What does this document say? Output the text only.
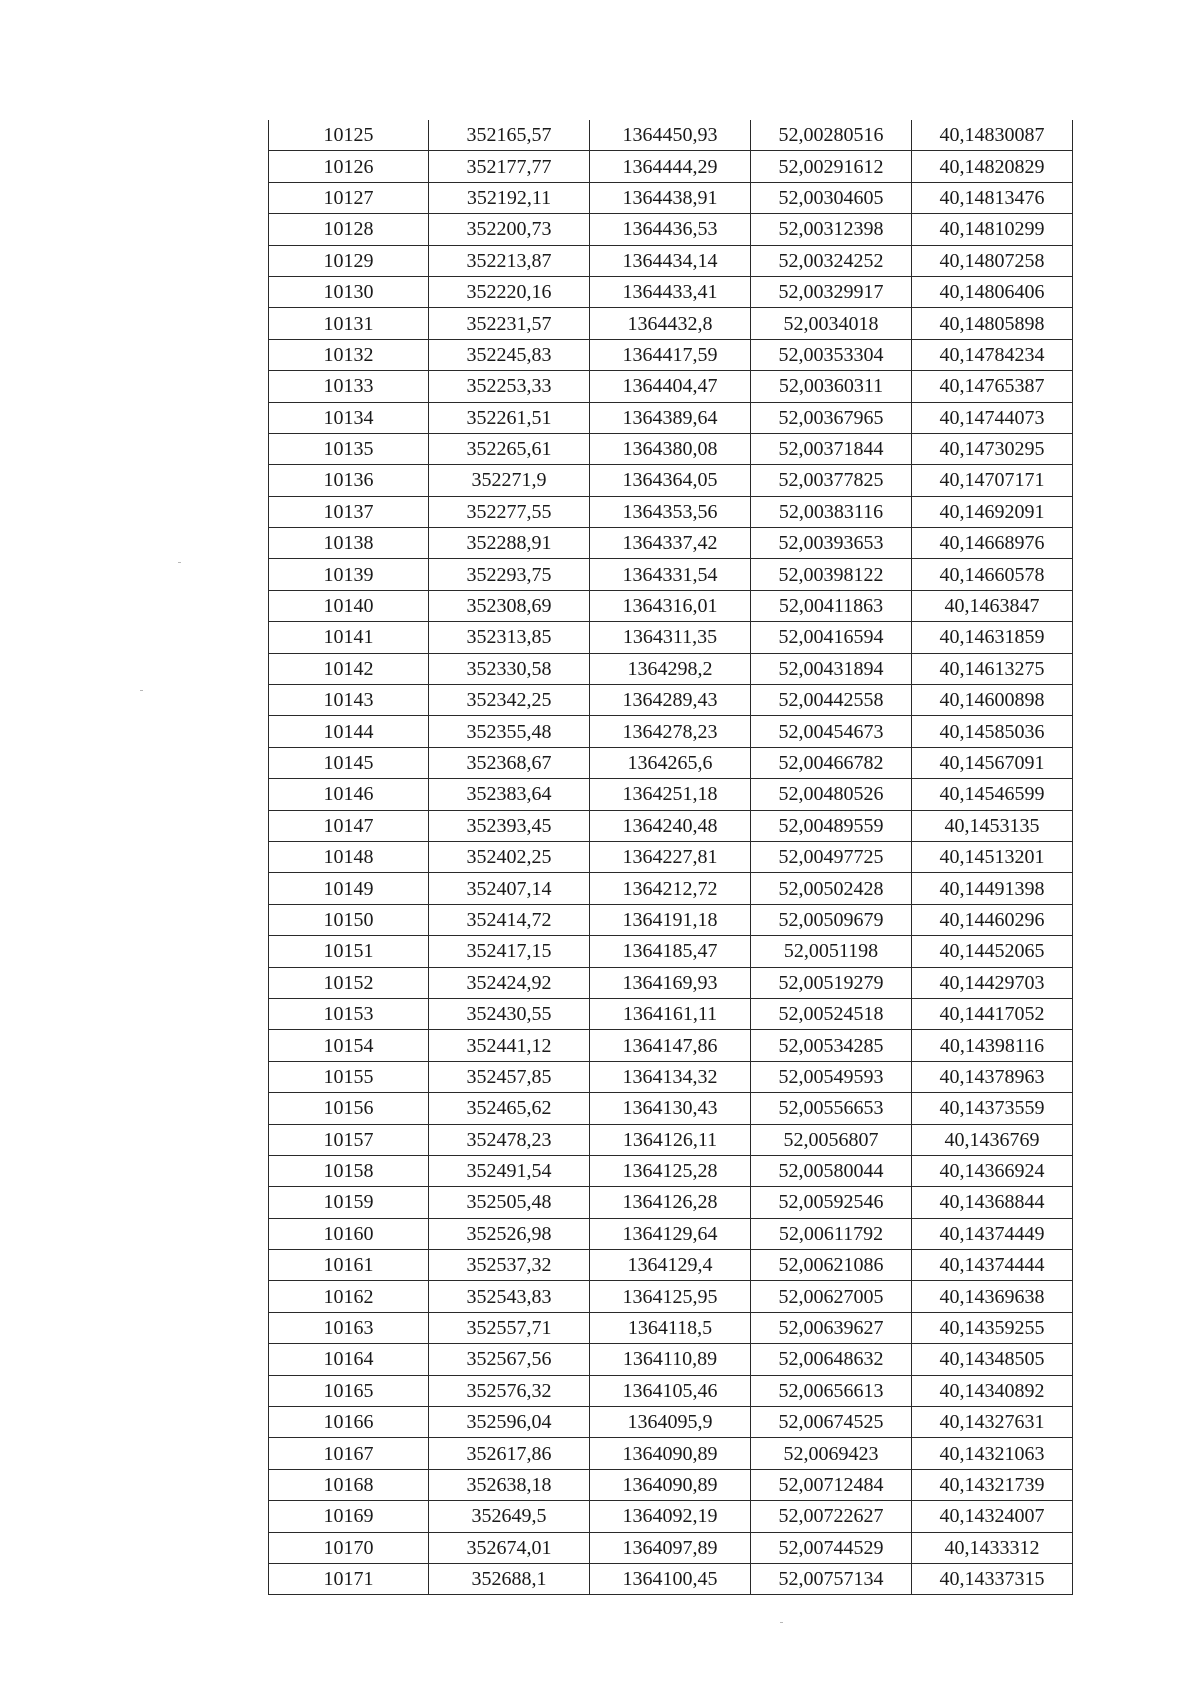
10125	352165,57	1364450,93	52,00280516	40,14830087
10126	352177,77	1364444,29	52,00291612	40,14820829
10127	352192,11	1364438,91	52,00304605	40,14813476
10128	352200,73	1364436,53	52,00312398	40,14810299
10129	352213,87	1364434,14	52,00324252	40,14807258
10130	352220,16	1364433,41	52,00329917	40,14806406
10131	352231,57	1364432,8	52,0034018	40,14805898
10132	352245,83	1364417,59	52,00353304	40,14784234
10133	352253,33	1364404,47	52,00360311	40,14765387
10134	352261,51	1364389,64	52,00367965	40,14744073
10135	352265,61	1364380,08	52,00371844	40,14730295
10136	352271,9	1364364,05	52,00377825	40,14707171
10137	352277,55	1364353,56	52,00383116	40,14692091
10138	352288,91	1364337,42	52,00393653	40,14668976
10139	352293,75	1364331,54	52,00398122	40,14660578
10140	352308,69	1364316,01	52,00411863	40,1463847
10141	352313,85	1364311,35	52,00416594	40,14631859
10142	352330,58	1364298,2	52,00431894	40,14613275
10143	352342,25	1364289,43	52,00442558	40,14600898
10144	352355,48	1364278,23	52,00454673	40,14585036
10145	352368,67	1364265,6	52,00466782	40,14567091
10146	352383,64	1364251,18	52,00480526	40,14546599
10147	352393,45	1364240,48	52,00489559	40,1453135
10148	352402,25	1364227,81	52,00497725	40,14513201
10149	352407,14	1364212,72	52,00502428	40,14491398
10150	352414,72	1364191,18	52,00509679	40,14460296
10151	352417,15	1364185,47	52,0051198	40,14452065
10152	352424,92	1364169,93	52,00519279	40,14429703
10153	352430,55	1364161,11	52,00524518	40,14417052
10154	352441,12	1364147,86	52,00534285	40,14398116
10155	352457,85	1364134,32	52,00549593	40,14378963
10156	352465,62	1364130,43	52,00556653	40,14373559
10157	352478,23	1364126,11	52,0056807	40,1436769
10158	352491,54	1364125,28	52,00580044	40,14366924
10159	352505,48	1364126,28	52,00592546	40,14368844
10160	352526,98	1364129,64	52,00611792	40,14374449
10161	352537,32	1364129,4	52,00621086	40,14374444
10162	352543,83	1364125,95	52,00627005	40,14369638
10163	352557,71	1364118,5	52,00639627	40,14359255
10164	352567,56	1364110,89	52,00648632	40,14348505
10165	352576,32	1364105,46	52,00656613	40,14340892
10166	352596,04	1364095,9	52,00674525	40,14327631
10167	352617,86	1364090,89	52,0069423	40,14321063
10168	352638,18	1364090,89	52,00712484	40,14321739
10169	352649,5	1364092,19	52,00722627	40,14324007
10170	352674,01	1364097,89	52,00744529	40,1433312
10171	352688,1	1364100,45	52,00757134	40,14337315
